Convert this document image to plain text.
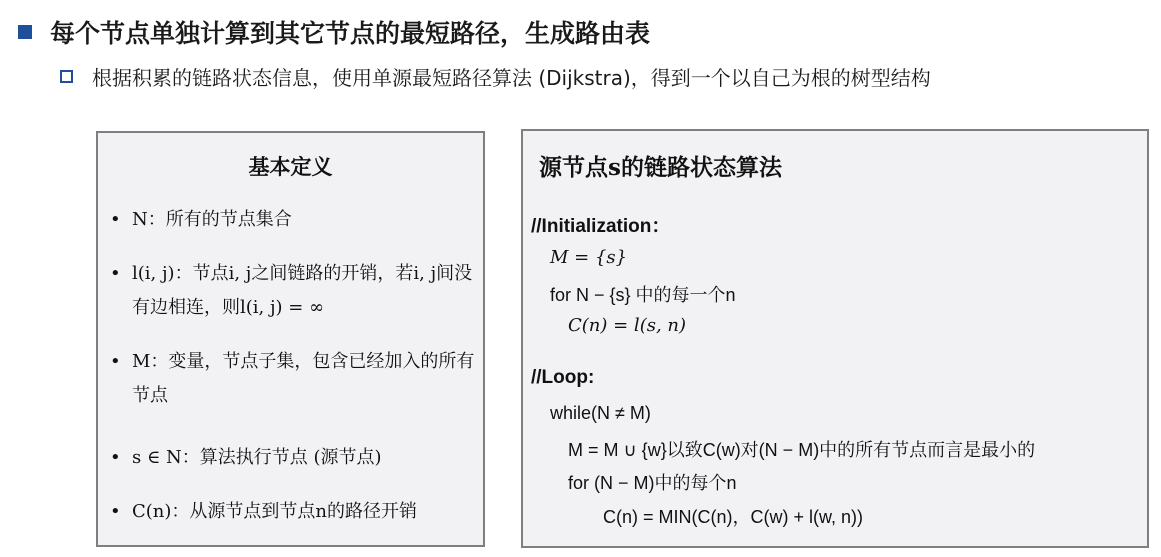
每个节点单独计算到其它节点的最短路径，生成路由表
根据积累的链路状态信息，使用单源最短路径算法 (Dijkstra)，得到一个以自己为根的树型结构
基本定义
• N：所有的节点集合
• l(i, j)：节点i, j之间链路的开销，若i, j间没有边相连，则l(i, j) = ∞
• M：变量，节点子集，包含已经加入的所有节点
• s ∈ N：算法执行节点 (源节点)
• C(n)：从源节点到节点n的路径开销
源节点s的链路状态算法
//Initialization：
M = {s}
for N − {s} 中的每一个n
C(n) = l(s, n)
//Loop:
while(N ≠ M)
M = M ∪ {w}以致C(w)对(N − M)中的所有节点而言是最小的
for (N − M)中的每个n
C(n) = MIN(C(n)，C(w) + l(w, n))
